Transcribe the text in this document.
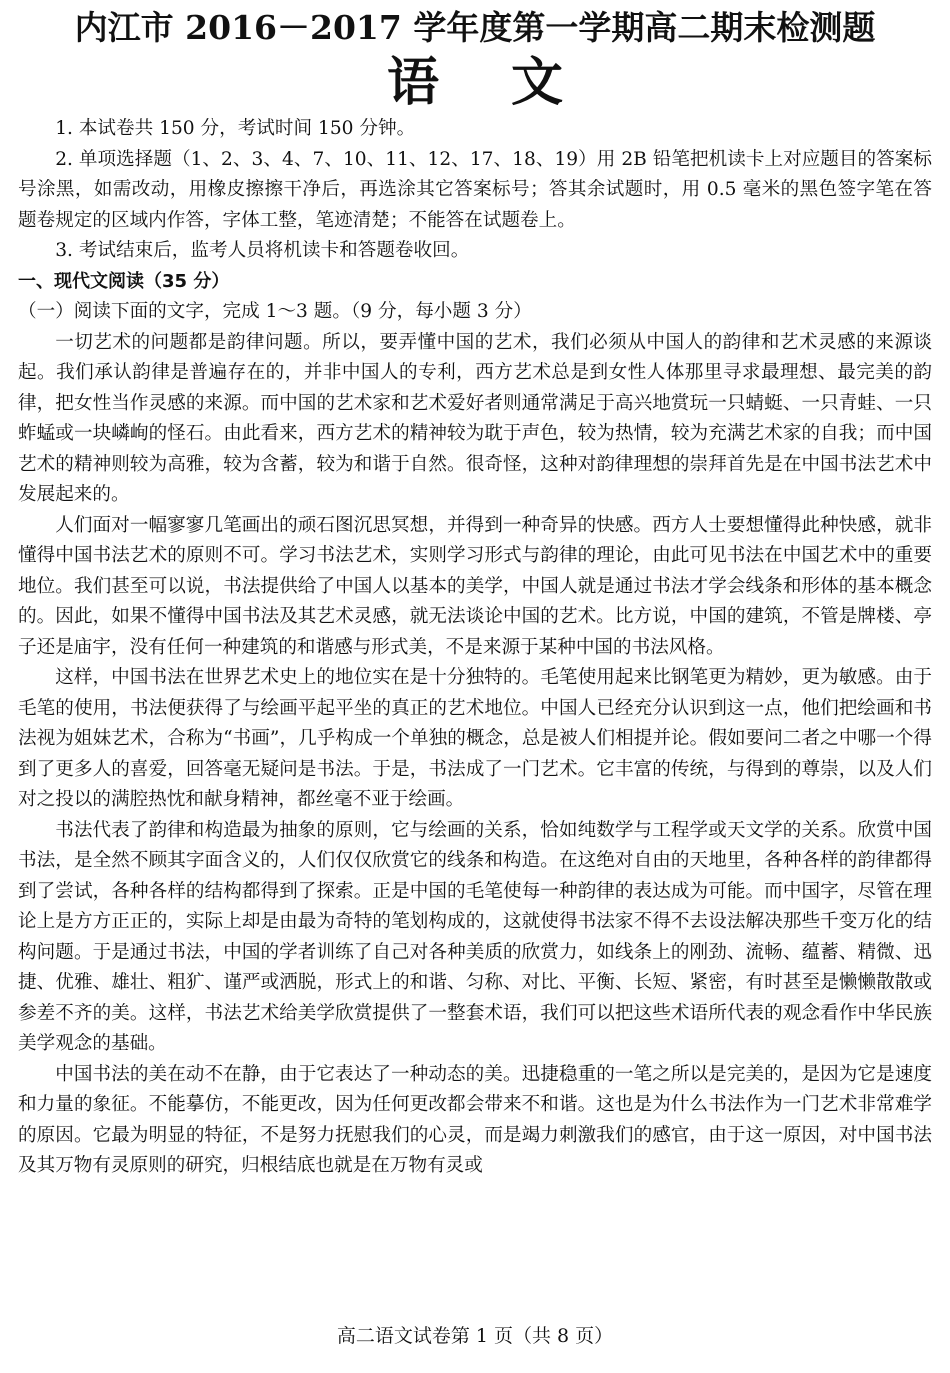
内江市 2016－2017 学年度第一学期高二期末检测题
语文

1. 本试卷共 150 分，考试时间 150 分钟。

2. 单项选择题（1、2、3、4、7、10、11、12、17、18、19）用 2B 铅笔把机读卡上对应题目的答案标号涂黑，如需改动，用橡皮擦擦干净后，再选涂其它答案标号；答其余试题时，用 0.5 毫米的黑色签字笔在答题卷规定的区域内作答，字体工整，笔迹清楚；不能答在试题卷上。

3. 考试结束后，监考人员将机读卡和答题卷收回。

一、现代文阅读（35 分）

（一）阅读下面的文字，完成 1～3 题。（9 分，每小题 3 分）

一切艺术的问题都是韵律问题。所以，要弄懂中国的艺术，我们必须从中国人的韵律和艺术灵感的来源谈起。我们承认韵律是普遍存在的，并非中国人的专利，西方艺术总是到女性人体那里寻求最理想、最完美的韵律，把女性当作灵感的来源。而中国的艺术家和艺术爱好者则通常满足于高兴地赏玩一只蜻蜓、一只青蛙、一只蚱蜢或一块嶙峋的怪石。由此看来，西方艺术的精神较为耽于声色，较为热情，较为充满艺术家的自我；而中国艺术的精神则较为高雅，较为含蓄，较为和谐于自然。很奇怪，这种对韵律理想的崇拜首先是在中国书法艺术中发展起来的。

人们面对一幅寥寥几笔画出的顽石图沉思冥想，并得到一种奇异的快感。西方人士要想懂得此种快感，就非懂得中国书法艺术的原则不可。学习书法艺术，实则学习形式与韵律的理论，由此可见书法在中国艺术中的重要地位。我们甚至可以说，书法提供给了中国人以基本的美学，中国人就是通过书法才学会线条和形体的基本概念的。因此，如果不懂得中国书法及其艺术灵感，就无法谈论中国的艺术。比方说，中国的建筑，不管是牌楼、亭子还是庙宇，没有任何一种建筑的和谐感与形式美，不是来源于某种中国的书法风格。

这样，中国书法在世界艺术史上的地位实在是十分独特的。毛笔使用起来比钢笔更为精妙，更为敏感。由于毛笔的使用，书法便获得了与绘画平起平坐的真正的艺术地位。中国人已经充分认识到这一点，他们把绘画和书法视为姐妹艺术，合称为“书画”，几乎构成一个单独的概念，总是被人们相提并论。假如要问二者之中哪一个得到了更多人的喜爱，回答毫无疑问是书法。于是，书法成了一门艺术。它丰富的传统，与得到的尊崇，以及人们对之投以的满腔热忱和献身精神，都丝毫不亚于绘画。

书法代表了韵律和构造最为抽象的原则，它与绘画的关系，恰如纯数学与工程学或天文学的关系。欣赏中国书法，是全然不顾其字面含义的，人们仅仅欣赏它的线条和构造。在这绝对自由的天地里，各种各样的韵律都得到了尝试，各种各样的结构都得到了探索。正是中国的毛笔使每一种韵律的表达成为可能。而中国字，尽管在理论上是方方正正的，实际上却是由最为奇特的笔划构成的，这就使得书法家不得不去设法解决那些千变万化的结构问题。于是通过书法，中国的学者训练了自己对各种美质的欣赏力，如线条上的刚劲、流畅、蕴蓄、精微、迅捷、优雅、雄壮、粗犷、谨严或洒脱，形式上的和谐、匀称、对比、平衡、长短、紧密，有时甚至是懒懒散散或参差不齐的美。这样，书法艺术给美学欣赏提供了一整套术语，我们可以把这些术语所代表的观念看作中华民族美学观念的基础。

中国书法的美在动不在静，由于它表达了一种动态的美。迅捷稳重的一笔之所以是完美的，是因为它是速度和力量的象征。不能摹仿，不能更改，因为任何更改都会带来不和谐。这也是为什么书法作为一门艺术非常难学的原因。它最为明显的特征，不是努力抚慰我们的心灵，而是竭力刺激我们的感官，由于这一原因，对中国书法及其万物有灵原则的研究，归根结底也就是在万物有灵或

高二语文试卷第 1 页（共 8 页）
